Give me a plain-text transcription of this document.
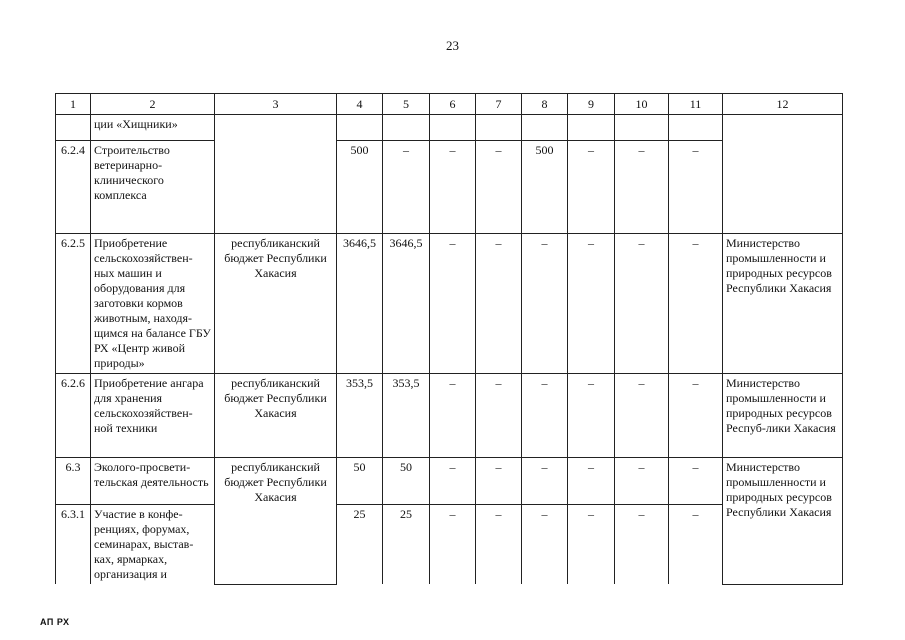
23
1	2	3	4	5	6	7	8	9	10	11	12
	ции «Хищники»										
6.2.4	Строительство ветеринарно-клинического комплекса		500	–	–	–	500	–	–	–	
6.2.5	Приобретение сельскохозяйствен-ных машин и оборудования для заготовки кормов животным, находя-щимся на балансе ГБУ РХ «Центр живой природы»	республиканский бюджет Республики Хакасия	3646,5	3646,5	–	–	–	–	–	–	Министерство промышленности и природных ресурсов Республики Хакасия
6.2.6	Приобретение ангара для хранения сельскохозяйствен-ной техники	республиканский бюджет Республики Хакасия	353,5	353,5	–	–	–	–	–	–	Министерство промышленности и природных ресурсов Респуб-лики Хакасия
6.3	Эколого-просвети-тельская деятельность	республиканский бюджет Республики Хакасия	50	50	–	–	–	–	–	–	Министерство промышленности и природных ресурсов Республики Хакасия
6.3.1	Участие в конфе-ренциях, форумах, семинарах, выстав-ках, ярмарках, организация и		25	25	–	–	–	–	–	–	
АП РХ
